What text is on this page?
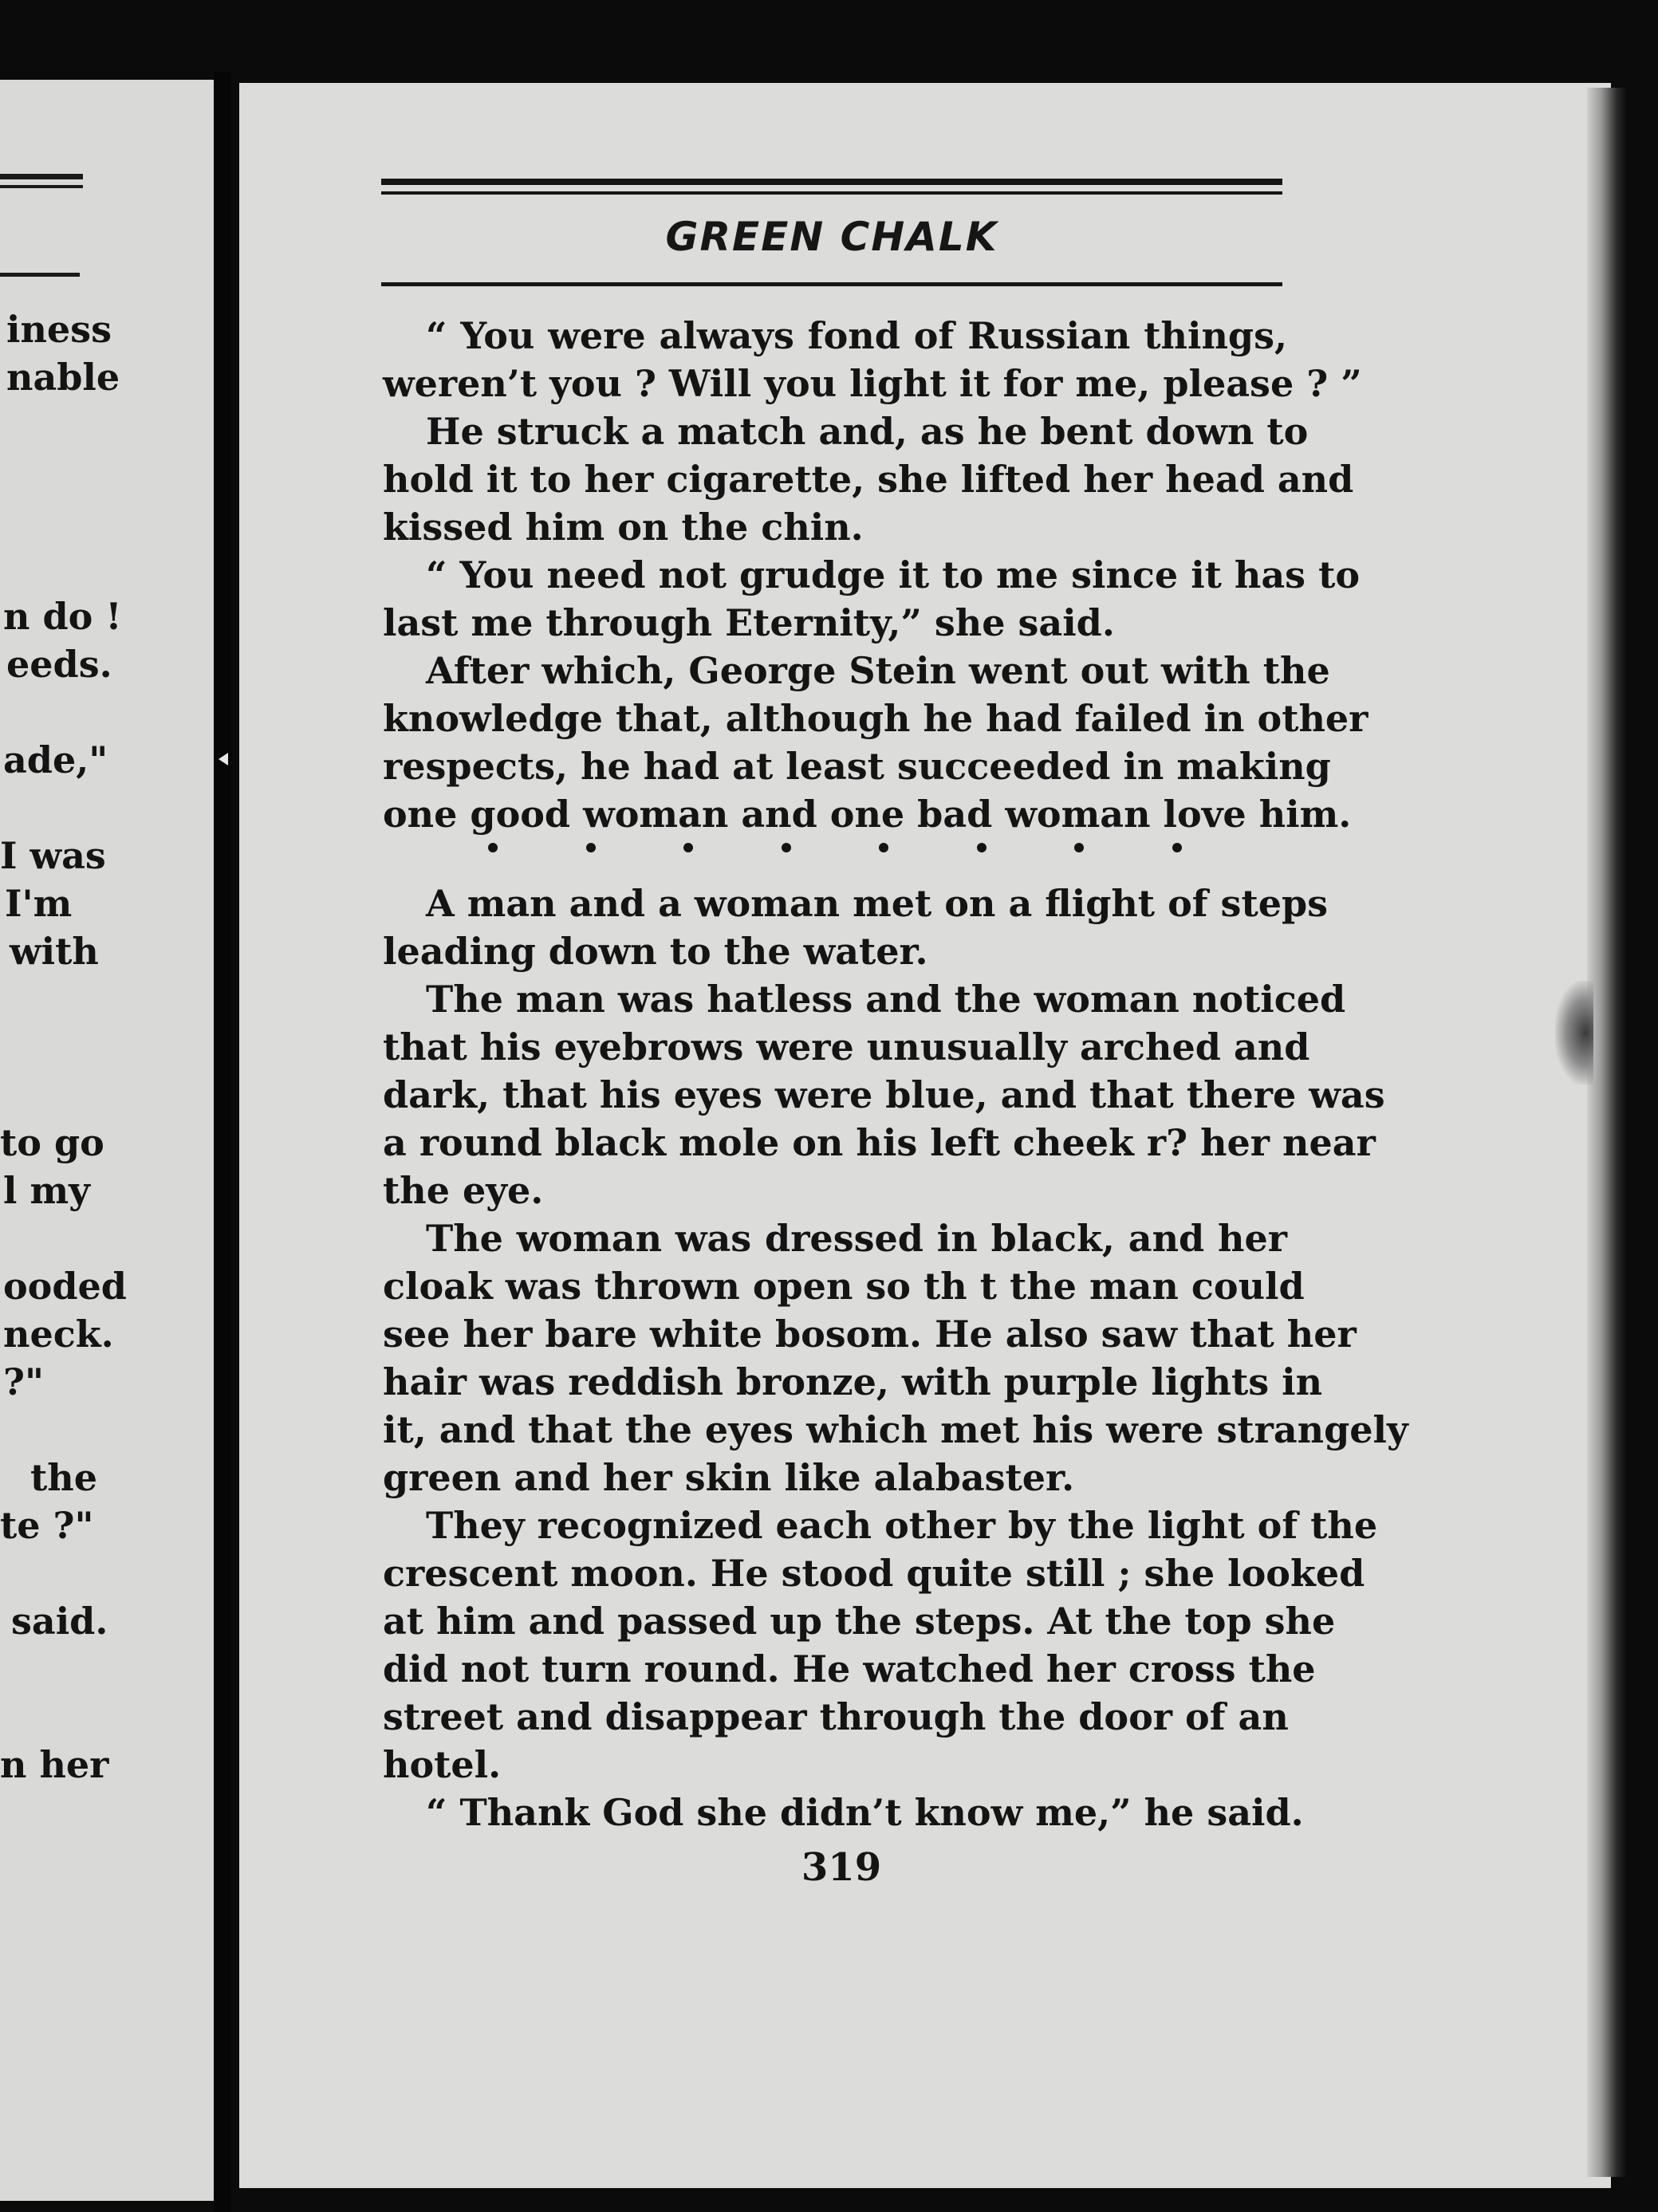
iness
nable
n do !
eeds.
ade,"
I was
I'm
with
to go
l my
ooded
neck.
?"
the
te ?"
said.
n her
GREEN CHALK
“ You were always fond of Russian things,
weren’t you ? Will you light it for me, please ? ”
He struck a match and, as he bent down to
hold it to her cigarette, she lifted her head and
kissed him on the chin.
“ You need not grudge it to me since it has to
last me through Eternity,” she said.
After which, George Stein went out with the
knowledge that, although he had failed in other
respects, he had at least succeeded in making
one good woman and one bad woman love him.
A man and a woman met on a flight of steps
leading down to the water.
The man was hatless and the woman noticed
that his eyebrows were unusually arched and
dark, that his eyes were blue, and that there was
a round black mole on his left cheek r? her near
the eye.
The woman was dressed in black, and her
cloak was thrown open so th t the man could
see her bare white bosom. He also saw that her
hair was reddish bronze, with purple lights in
it, and that the eyes which met his were strangely
green and her skin like alabaster.
They recognized each other by the light of the
crescent moon. He stood quite still ; she looked
at him and passed up the steps. At the top she
did not turn round. He watched her cross the
street and disappear through the door of an
hotel.
“ Thank God she didn’t know me,” he said.
319
